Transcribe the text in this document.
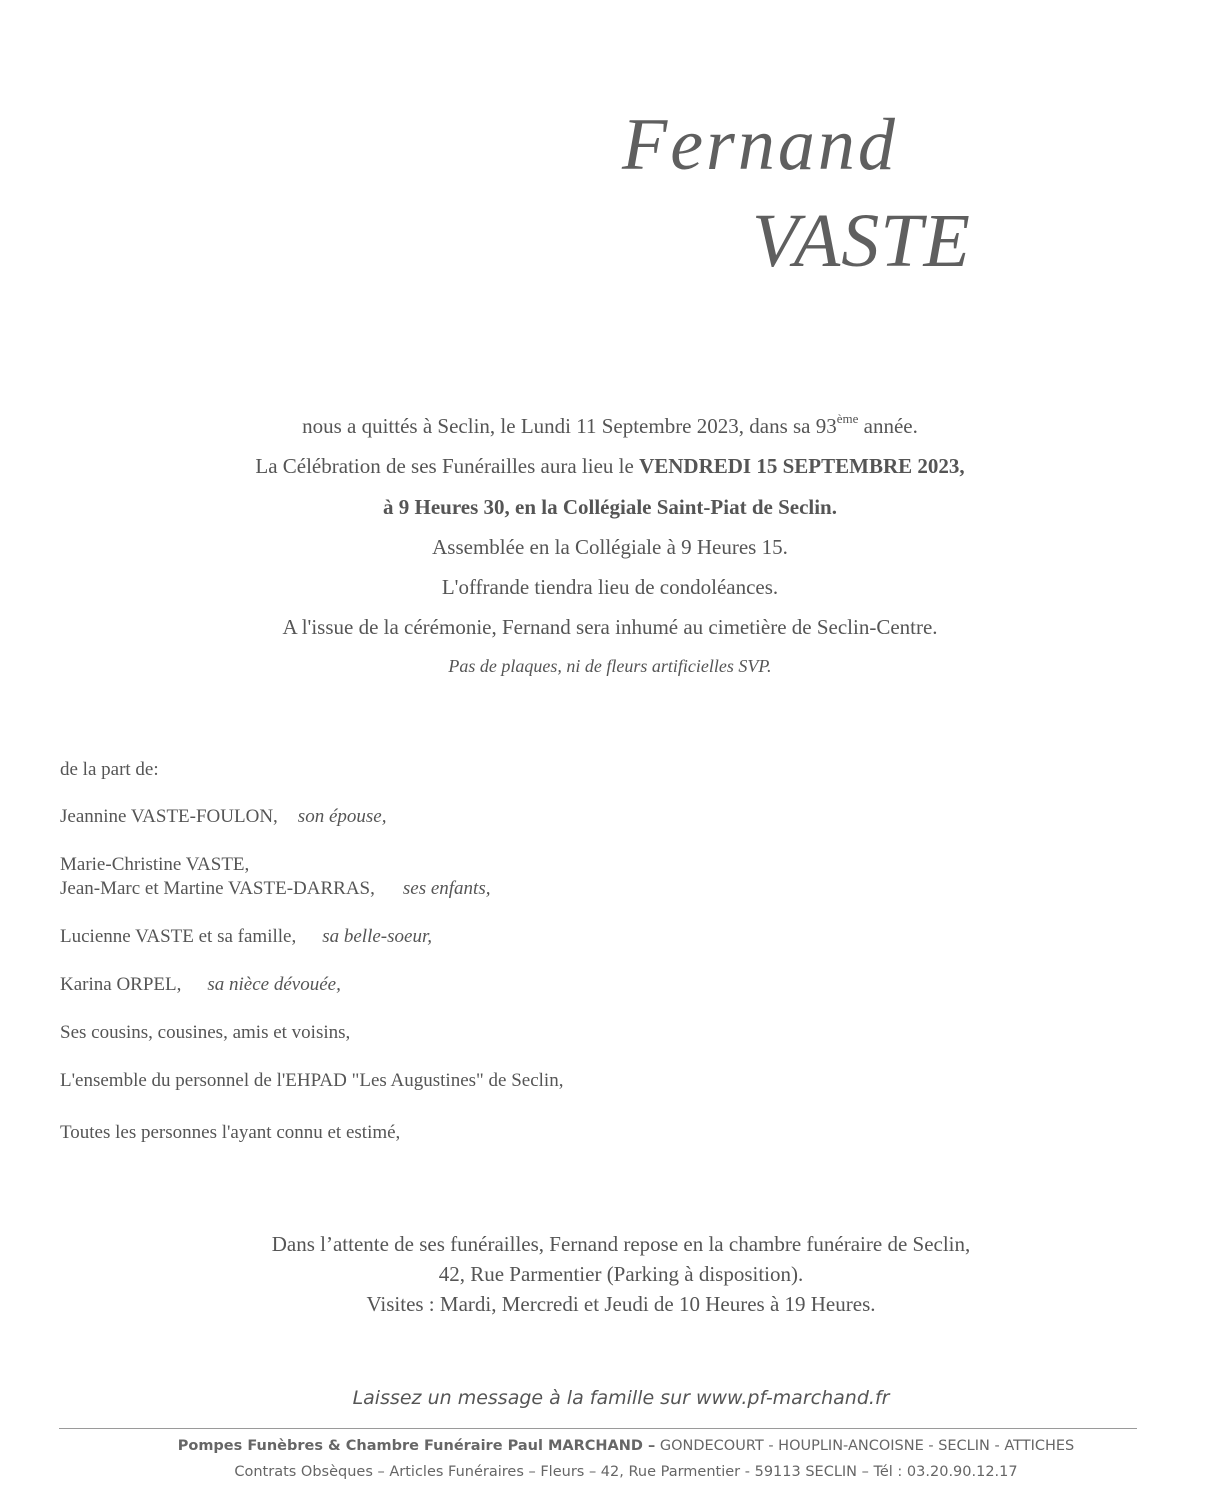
Fernand
VASTE
nous a quittés à Seclin, le Lundi 11 Septembre 2023, dans sa 93ème année.
La Célébration de ses Funérailles aura lieu le VENDREDI 15 SEPTEMBRE 2023,
à 9 Heures 30, en la Collégiale Saint-Piat de Seclin.
Assemblée en la Collégiale à 9 Heures 15.
L'offrande tiendra lieu de condoléances.
A l'issue de la cérémonie, Fernand sera inhumé au cimetière de Seclin-Centre.
Pas de plaques, ni de fleurs artificielles SVP.
de la part de:
Jeannine VASTE-FOULON, son épouse,
Marie-Christine VASTE,
Jean-Marc et Martine VASTE-DARRAS, ses enfants,
Lucienne VASTE et sa famille, sa belle-soeur,
Karina ORPEL, sa nièce dévouée,
Ses cousins, cousines, amis et voisins,
L'ensemble du personnel de l'EHPAD "Les Augustines" de Seclin,
Toutes les personnes l'ayant connu et estimé,
Dans l’attente de ses funérailles, Fernand repose en la chambre funéraire de Seclin,
42, Rue Parmentier (Parking à disposition).
Visites : Mardi, Mercredi et Jeudi de 10 Heures à 19 Heures.
Laissez un message à la famille sur www.pf-marchand.fr
Pompes Funèbres & Chambre Funéraire Paul MARCHAND – GONDECOURT - HOUPLIN-ANCOISNE - SECLIN - ATTICHES
Contrats Obsèques – Articles Funéraires – Fleurs – 42, Rue Parmentier - 59113 SECLIN – Tél : 03.20.90.12.17
